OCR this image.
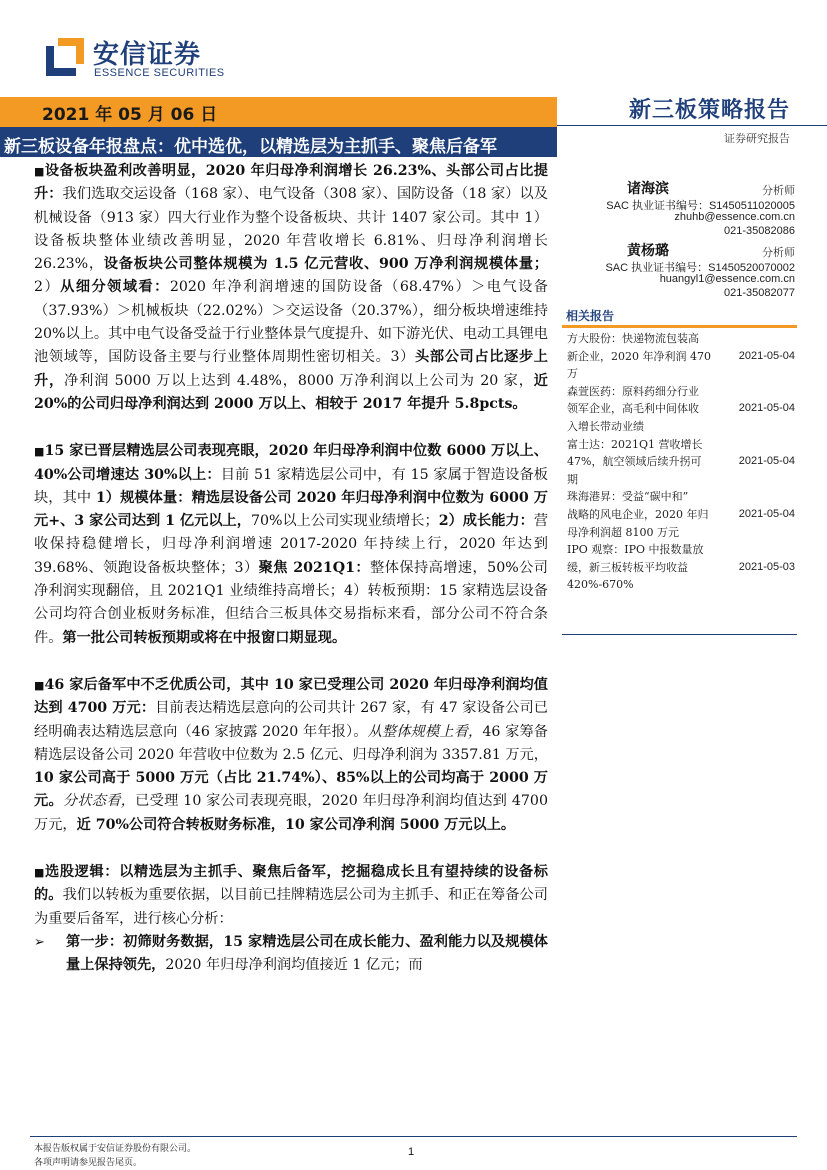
安信证券
ESSENCE SECURITIES
2021 年 05 月 06 日	新三板策略报告
证券研究报告
新三板设备年报盘点：优中选优，以精选层为主抓手、聚焦后备军

■设备板块盈利改善明显，2020 年归母净利润增长 26.23%、头部公司占比提升：我们选取交运设备（168 家）、电气设备（308 家）、国防设备（18 家）以及机械设备（913 家）四大行业作为整个设备板块、共计 1407 家公司。其中 1）设备板块整体业绩改善明显，2020 年营收增长 6.81%、归母净利润增长 26.23%，设备板块公司整体规模为 1.5 亿元营收、900 万净利润规模体量；2）从细分领域看：2020 年净利润增速的国防设备（68.47%）＞电气设备（37.93%）＞机械板块（22.02%）＞交运设备（20.37%），细分板块增速维持 20%以上。其中电气设备受益于行业整体景气度提升、如下游光伏、电动工具锂电池领域等，国防设备主要与行业整体周期性密切相关。3）头部公司占比逐步上升，净利润 5000 万以上达到 4.48%，8000 万净利润以上公司为 20 家，近 20%的公司归母净利润达到 2000 万以上、相较于 2017 年提升 5.8pcts。

■15 家已晋层精选层公司表现亮眼，2020 年归母净利润中位数 6000 万以上、40%公司增速达 30%以上：目前 51 家精选层公司中，有 15 家属于智造设备板块，其中 1）规模体量：精选层设备公司 2020 年归母净利润中位数为 6000 万元+、3 家公司达到 1 亿元以上，70%以上公司实现业绩增长；2）成长能力：营收保持稳健增长，归母净利润增速 2017-2020 年持续上行，2020 年达到 39.68%、领跑设备板块整体；3）聚焦 2021Q1：整体保持高增速，50%公司净利润实现翻倍，且 2021Q1 业绩维持高增长；4）转板预期：15 家精选层设备公司均符合创业板财务标准，但结合三板具体交易指标来看，部分公司不符合条件。第一批公司转板预期或将在中报窗口期显现。

■46 家后备军中不乏优质公司，其中 10 家已受理公司 2020 年归母净利润均值达到 4700 万元：目前表达精选层意向的公司共计 267 家，有 47 家设备公司已经明确表达精选层意向（46 家披露 2020 年年报）。从整体规模上看，46 家筹备精选层设备公司 2020 年营收中位数为 2.5 亿元、归母净利润为 3357.81 万元，10 家公司高于 5000 万元（占比 21.74%）、85%以上的公司均高于 2000 万元。分状态看，已受理 10 家公司表现亮眼，2020 年归母净利润均值达到 4700 万元，近 70%公司符合转板财务标准，10 家公司净利润 5000 万元以上。

■选股逻辑：以精选层为主抓手、聚焦后备军，挖掘稳成长且有望持续的设备标的。我们以转板为重要依据，以目前已挂牌精选层公司为主抓手、和正在筹备公司为重要后备军，进行核心分析：

➢	第一步：初筛财务数据，15 家精选层公司在成长能力、盈利能力以及规模体量上保持领先，2020 年归母净利润均值接近 1 亿元；而
诸海滨	分析师
SAC 执业证书编号：S1450511020005
zhuhb@essence.com.cn
021-35082086
黄杨璐	分析师
SAC 执业证书编号：S1450520070002
huangyl1@essence.com.cn
021-35082077
相关报告
方大股份：快递物流包装高
新企业，2020 年净利润 470	2021-05-04
万
森萱医药：原料药细分行业
领军企业，高毛利中间体收	2021-05-04
入增长带动业绩
富士达：2021Q1 营收增长
47%，航空领域后续升拐可	2021-05-04
期
珠海港昇：受益“碳中和”
战略的风电企业，2020 年归	2021-05-04
母净利润超 8100 万元
IPO 观察：IPO 中报数量放
缓，新三板转板平均收益	2021-05-03
420%-670%
本报告版权属于安信证券股份有限公司。
各项声明请参见报告尾页。
1
